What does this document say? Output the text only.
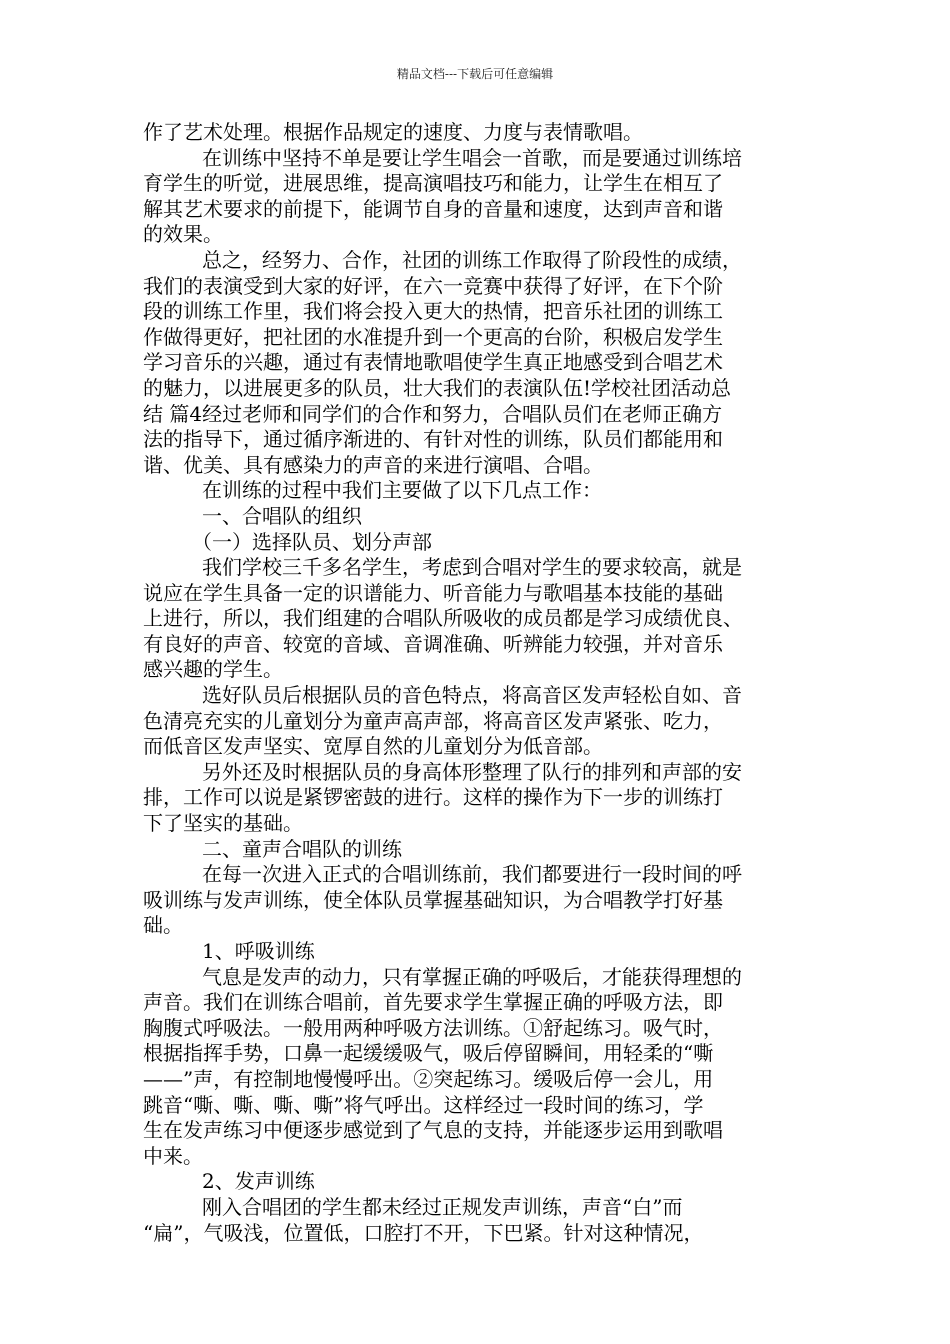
精品文档---下载后可任意编辑
作了艺术处理。根据作品规定的速度、力度与表情歌唱。
在训练中坚持不单是要让学生唱会一首歌，而是要通过训练培
育学生的听觉，进展思维，提高演唱技巧和能力，让学生在相互了
解其艺术要求的前提下，能调节自身的音量和速度，达到声音和谐
的效果。
总之，经努力、合作，社团的训练工作取得了阶段性的成绩，
我们的表演受到大家的好评，在六一竞赛中获得了好评，在下个阶
段的训练工作里，我们将会投入更大的热情，把音乐社团的训练工
作做得更好，把社团的水准提升到一个更高的台阶，积极启发学生
学习音乐的兴趣，通过有表情地歌唱使学生真正地感受到合唱艺术
的魅力，以进展更多的队员，壮大我们的表演队伍!学校社团活动总
结 篇4经过老师和同学们的合作和努力，合唱队员们在老师正确方
法的指导下，通过循序渐进的、有针对性的训练，队员们都能用和
谐、优美、具有感染力的声音的来进行演唱、合唱。
在训练的过程中我们主要做了以下几点工作：
一、合唱队的组织
（一）选择队员、划分声部
我们学校三千多名学生，考虑到合唱对学生的要求较高，就是
说应在学生具备一定的识谱能力、听音能力与歌唱基本技能的基础
上进行，所以，我们组建的合唱队所吸收的成员都是学习成绩优良、
有良好的声音、较宽的音域、音调准确、听辨能力较强，并对音乐
感兴趣的学生。
选好队员后根据队员的音色特点，将高音区发声轻松自如、音
色清亮充实的儿童划分为童声高声部，将高音区发声紧张、吃力，
而低音区发声坚实、宽厚自然的儿童划分为低音部。
另外还及时根据队员的身高体形整理了队行的排列和声部的安
排，工作可以说是紧锣密鼓的进行。这样的操作为下一步的训练打
下了坚实的基础。
二、童声合唱队的训练
在每一次进入正式的合唱训练前，我们都要进行一段时间的呼
吸训练与发声训练，使全体队员掌握基础知识，为合唱教学打好基
础。
1、呼吸训练
气息是发声的动力，只有掌握正确的呼吸后，才能获得理想的
声音。我们在训练合唱前，首先要求学生掌握正确的呼吸方法，即
胸腹式呼吸法。一般用两种呼吸方法训练。①舒起练习。吸气时，
根据指挥手势，口鼻一起缓缓吸气，吸后停留瞬间，用轻柔的“嘶
——”声，有控制地慢慢呼出。②突起练习。缓吸后停一会儿，用
跳音“嘶、嘶、嘶、嘶”将气呼出。这样经过一段时间的练习，学
生在发声练习中便逐步感觉到了气息的支持，并能逐步运用到歌唱
中来。
2、发声训练
刚入合唱团的学生都未经过正规发声训练，声音“白”而
“扁”，气吸浅，位置低，口腔打不开，下巴紧。针对这种情况，
